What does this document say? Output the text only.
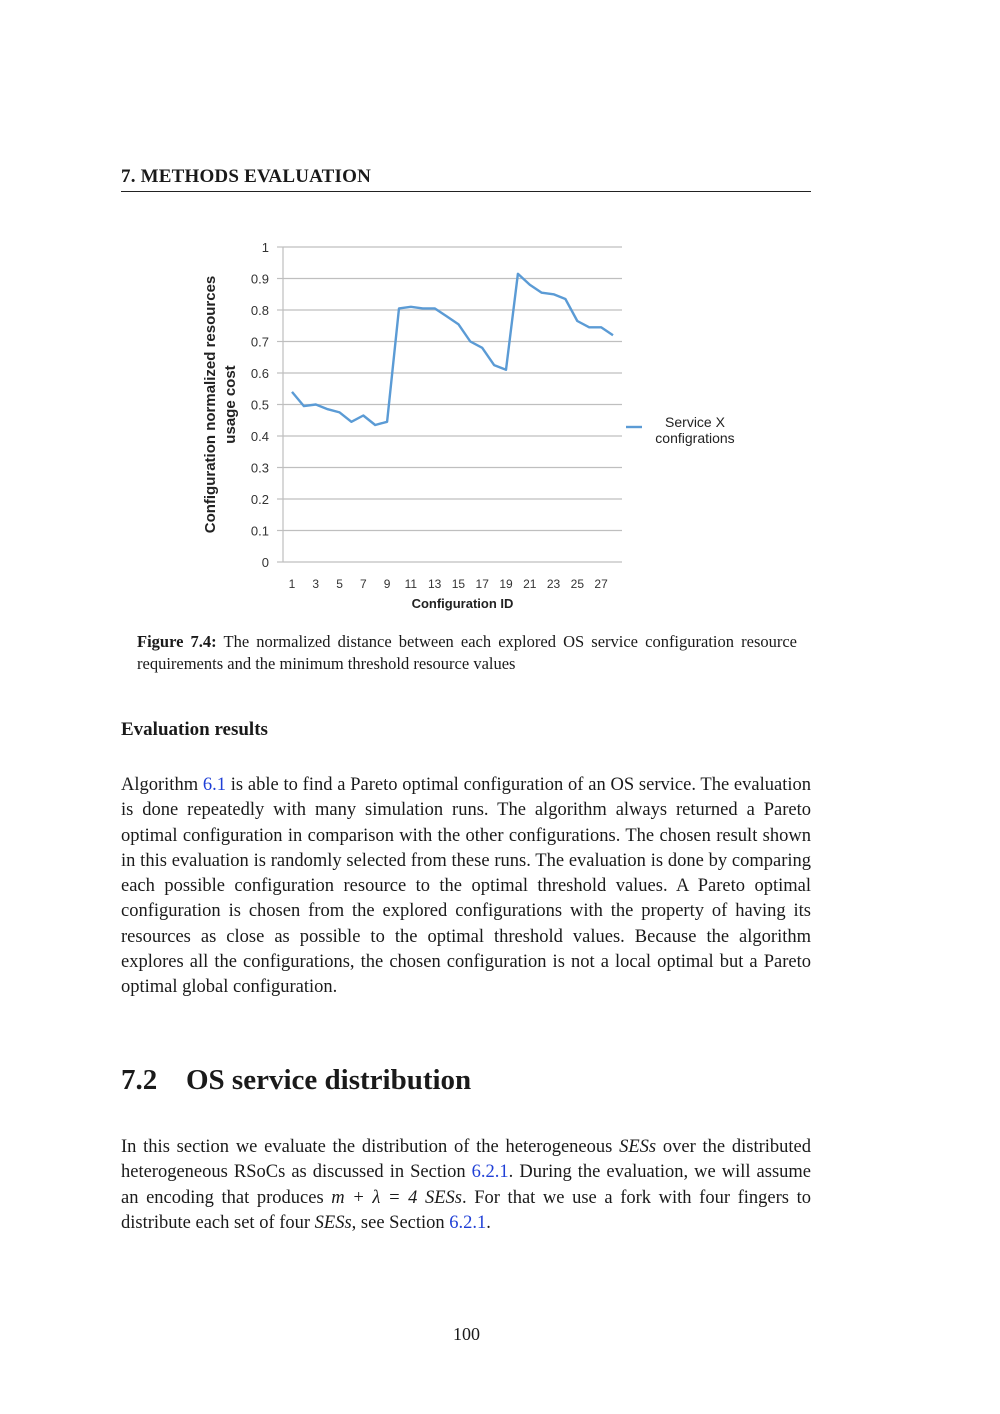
7. METHODS EVALUATION
0
0.1
0.2
0.3
0.4
0.5
0.6
0.7
0.8
0.9
1
1 3 5 7 9 11 13 15 17 19 21 23 25 27
Service X
configrations
Configuration ID
Configuration normalized resources usage cost
Figure 7.4: The normalized distance between each explored OS service configuration resource requirements and the minimum threshold resource values
Evaluation results
Algorithm 6.1 is able to find a Pareto optimal configuration of an OS service. The evaluation is done repeatedly with many simulation runs. The algorithm always returned a Pareto optimal configuration in comparison with the other configurations. The chosen result shown in this evaluation is randomly selected from these runs. The evaluation is done by comparing each possible configuration resource to the optimal threshold values. A Pareto optimal configuration is chosen from the explored configurations with the property of having its resources as close as possible to the optimal threshold values. Because the algorithm explores all the configurations, the chosen configuration is not a local optimal but a Pareto optimal global configuration.
7.2 OS service distribution
In this section we evaluate the distribution of the heterogeneous SESs over the distributed heterogeneous RSoCs as discussed in Section 6.2.1. During the evaluation, we will assume an encoding that produces m + λ = 4 SESs. For that we use a fork with four fingers to distribute each set of four SESs, see Section 6.2.1.
100
